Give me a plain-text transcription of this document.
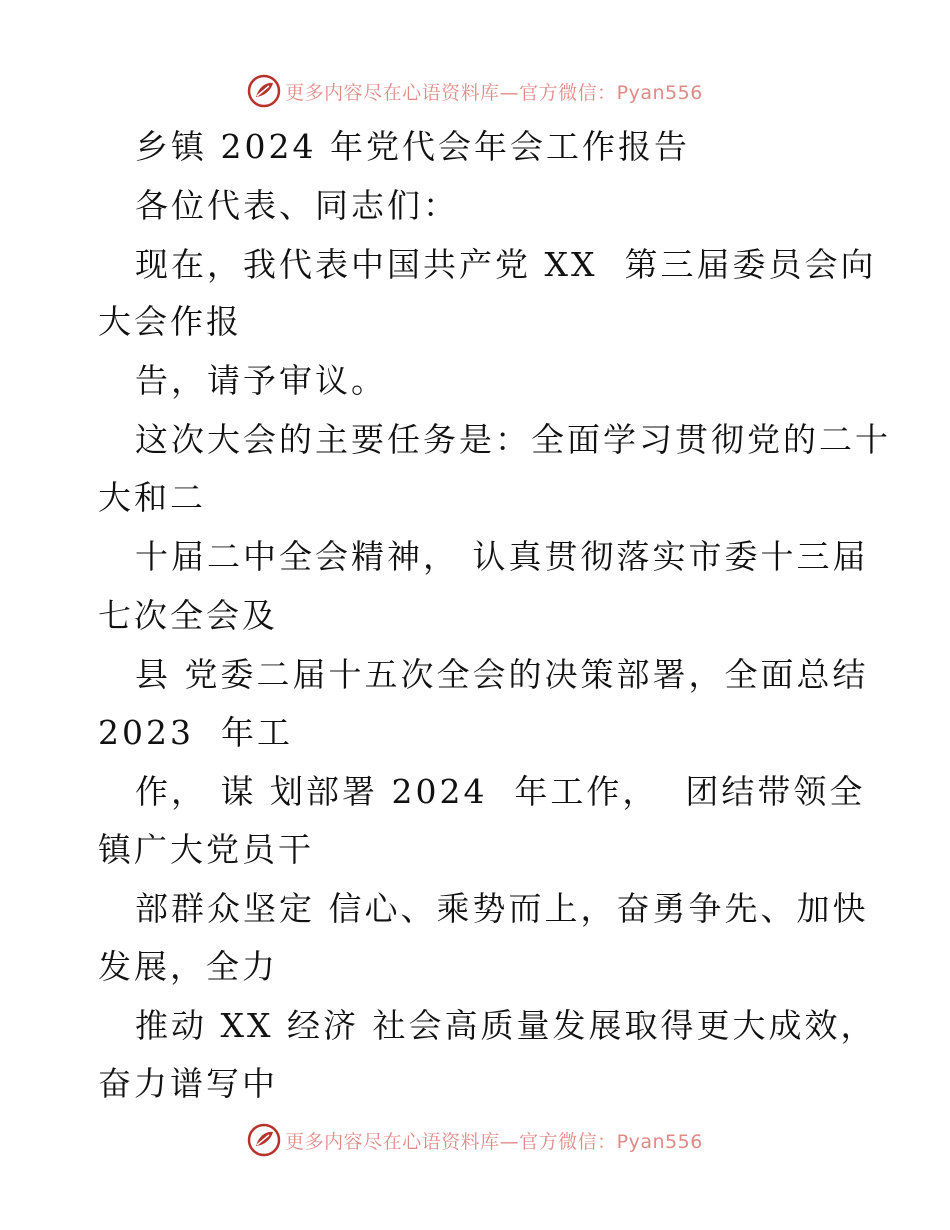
更多内容尽在心语资料库—官方微信：Pyan556
乡镇 2024 年党代会年会工作报告
各位代表、同志们：
现在，我代表中国共产党 XX  第三届委员会向
大会作报
告，请予审议。
这次大会的主要任务是：全面学习贯彻党的二十
大和二
十届二中全会精神， 认真贯彻落实市委十三届
七次全会及
县 党委二届十五次全会的决策部署，全面总结
2023  年工
作， 谋 划部署 2024  年工作，  团结带领全
镇广大党员干
部群众坚定 信心、乘势而上，奋勇争先、加快
发展，全力
推动 XX 经济 社会高质量发展取得更大成效，
奋力谱写中
更多内容尽在心语资料库—官方微信：Pyan556
